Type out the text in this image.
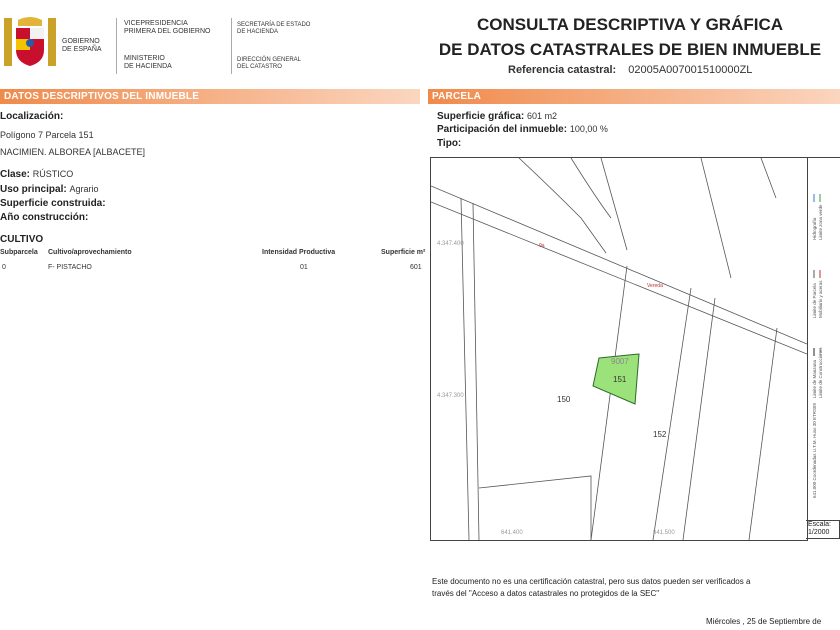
GOBIERNO
DE ESPAÑA
VICEPRESIDENCIA
PRIMERA DEL GOBIERNO
MINISTERIO
DE HACIENDA
SECRETARÍA DE ESTADO
DE HACIENDA
DIRECCIÓN GENERAL
DEL CATASTRO
CONSULTA DESCRIPTIVA Y GRÁFICA
DE DATOS CATASTRALES DE BIEN INMUEBLE
Referencia catastral: 02005A007001510000ZL
DATOS DESCRIPTIVOS DEL INMUEBLE
Localización:
Polígono 7 Parcela 151
NACIMIEN. ALBOREA [ALBACETE]
Clase: RÚSTICO
Uso principal: Agrario
Superficie construida:
Año construcción:
CULTIVO
Subparcela Cultivo/aprovechamiento	Intensidad Productiva	Superficie m²
0	F- PISTACHO	01	601
PARCELA
Superficie gráfica: 601 m2
Participación del inmueble: 100,00 %
Tipo:
151
9007
150
152
9a
Vereda
4.347.400
4.347.300
641.400	641.500
641.000 Coordenadas U.T.M. Huso 30 ETRS89
Limite de Manzana Limite de Construcciones
Limite de Parcela Mobiliario y aceras
Hidrografía Limite zona verde
Escala:
1/2000
Este documento no es una certificación catastral, pero sus datos pueden ser verificados a
través del "Acceso a datos catastrales no protegidos de la SEC"
Miércoles , 25 de Septiembre de
